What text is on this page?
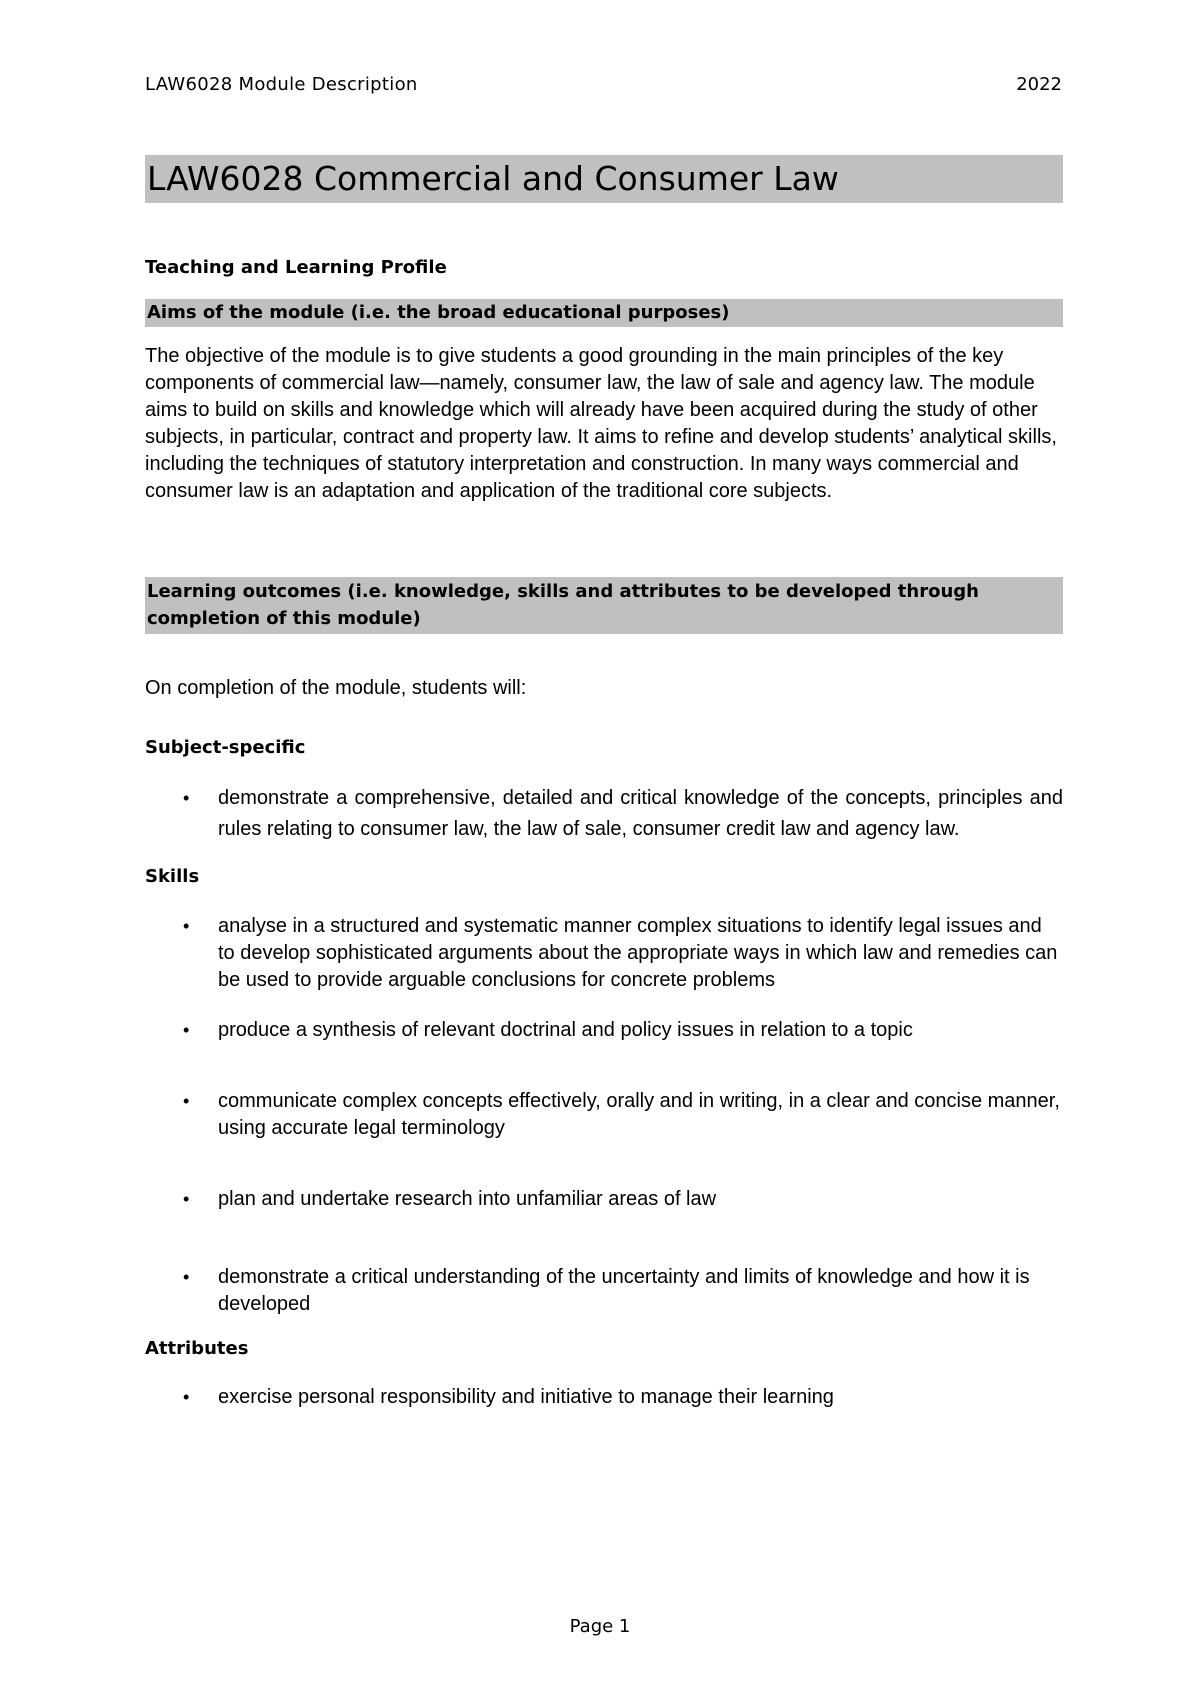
LAW6028 Module Description	2022
LAW6028 Commercial and Consumer Law
Teaching and Learning Profile
Aims of the module (i.e. the broad educational purposes)
The objective of the module is to give students a good grounding in the main principles of the key components of commercial law—namely, consumer law, the law of sale and agency law. The module aims to build on skills and knowledge which will already have been acquired during the study of other subjects, in particular, contract and property law. It aims to refine and develop students’ analytical skills, including the techniques of statutory interpretation and construction. In many ways commercial and consumer law is an adaptation and application of the traditional core subjects.
Learning outcomes (i.e. knowledge, skills and attributes to be developed through completion of this module)
On completion of the module, students will:
Subject-specific
• demonstrate a comprehensive, detailed and critical knowledge of the concepts, principles and rules relating to consumer law, the law of sale, consumer credit law and agency law.
Skills
• analyse in a structured and systematic manner complex situations to identify legal issues and to develop sophisticated arguments about the appropriate ways in which law and remedies can be used to provide arguable conclusions for concrete problems
• produce a synthesis of relevant doctrinal and policy issues in relation to a topic
• communicate complex concepts effectively, orally and in writing, in a clear and concise manner, using accurate legal terminology
• plan and undertake research into unfamiliar areas of law
• demonstrate a critical understanding of the uncertainty and limits of knowledge and how it is developed
Attributes
• exercise personal responsibility and initiative to manage their learning
Page 1
